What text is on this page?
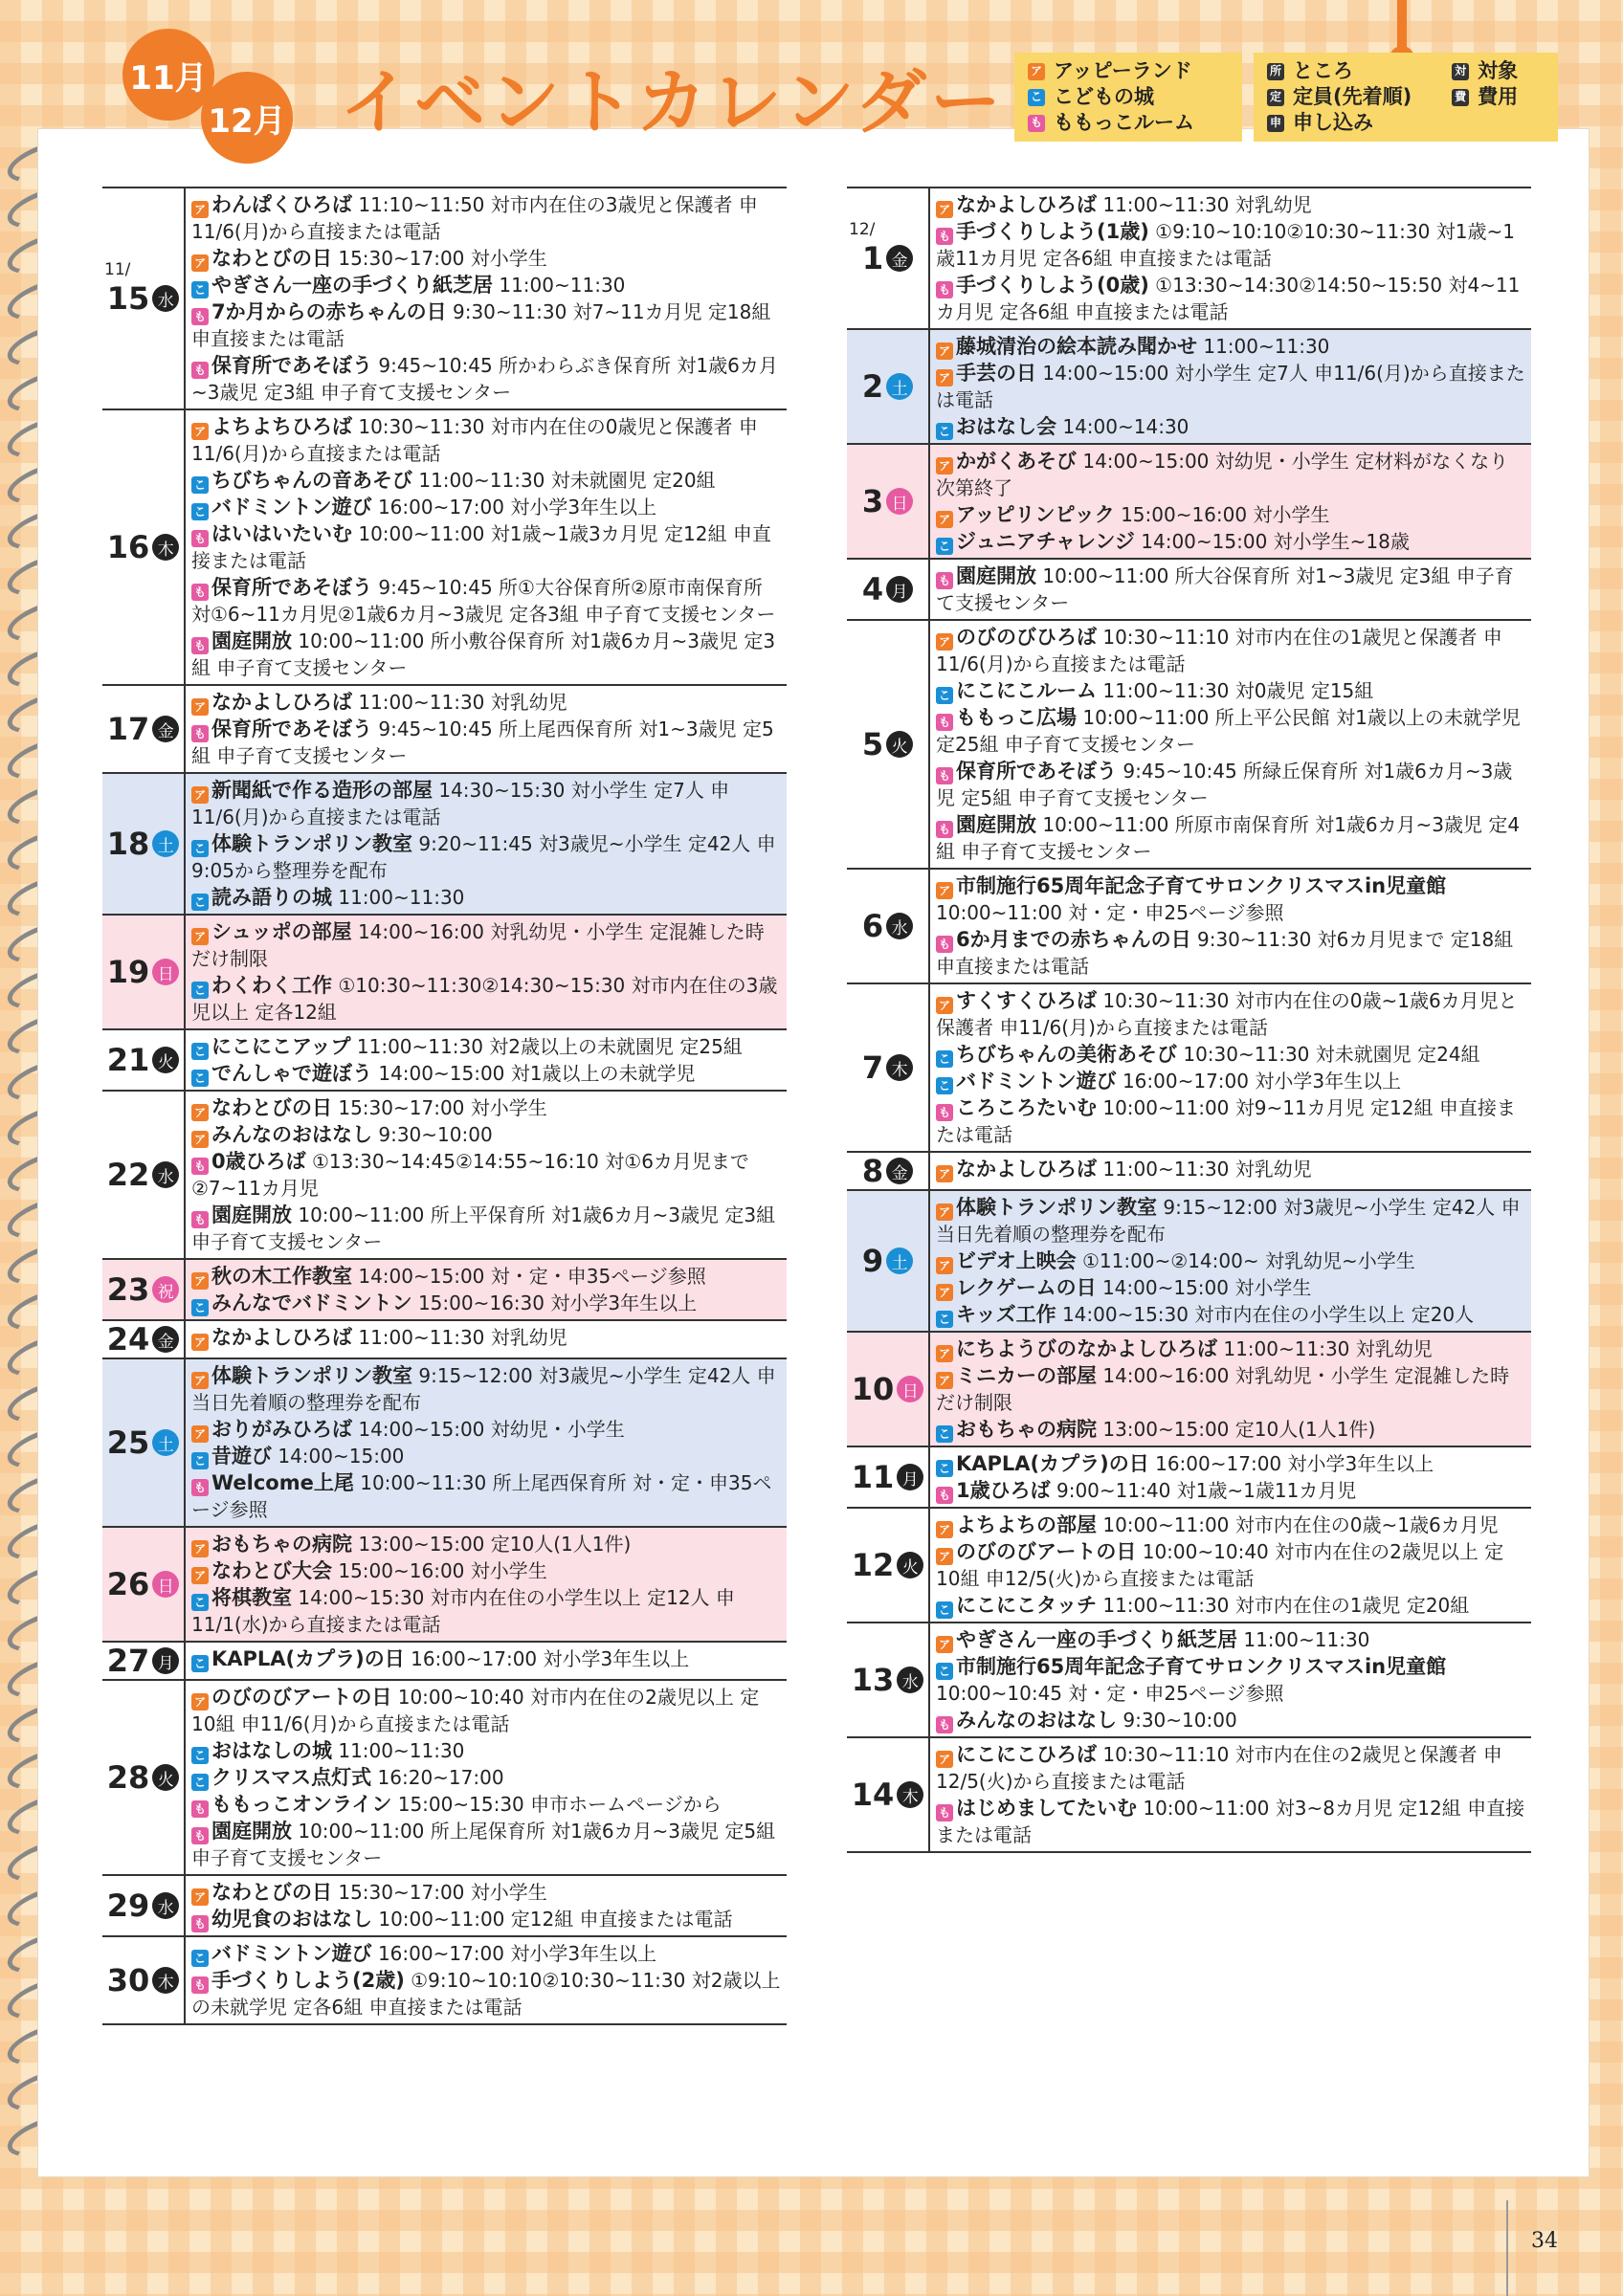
11月
12月 イベントカレンダー ア アッピーランド
こ こどもの城
も ももっこルーム
所 ところ	対 対象
定 定員(先着順)	費 費用
申 申し込み
11/
15 水
ア わんぱくひろば 11:10~11:50 対市内在住の3歳児と保護者 申11/6(月)から直接または電話
ア なわとびの日 15:30~17:00 対小学生
こ やぎさん一座の手づくり紙芝居 11:00~11:30
も 7か月からの赤ちゃんの日 9:30~11:30 対7~11カ月児 定18組 申直接または電話
も 保育所であそぼう 9:45~10:45 所かわらぶき保育所 対1歳6カ月~3歳児 定3組 申子育て支援センター
16 木
ア よちよちひろば 10:30~11:30 対市内在住の0歳児と保護者 申11/6(月)から直接または電話
こ ちびちゃんの音あそび 11:00~11:30 対未就園児 定20組
こ バドミントン遊び 16:00~17:00 対小学3年生以上
も はいはいたいむ 10:00~11:00 対1歳~1歳3カ月児 定12組 申直接または電話
も 保育所であそぼう 9:45~10:45 所①大谷保育所②原市南保育所 対①6~11カ月児②1歳6カ月~3歳児 定各3組 申子育て支援センター
も 園庭開放 10:00~11:00 所小敷谷保育所 対1歳6カ月~3歳児 定3組 申子育て支援センター
17 金
ア なかよしひろば 11:00~11:30 対乳幼児
も 保育所であそぼう 9:45~10:45 所上尾西保育所 対1~3歳児 定5組 申子育て支援センター
18 土
ア 新聞紙で作る造形の部屋 14:30~15:30 対小学生 定7人 申11/6(月)から直接または電話
こ 体験トランポリン教室 9:20~11:45 対3歳児~小学生 定42人 申9:05から整理券を配布
こ 読み語りの城 11:00~11:30
19 日
ア シュッポの部屋 14:00~16:00 対乳幼児・小学生 定混雑した時だけ制限
こ わくわく工作 ①10:30~11:30②14:30~15:30 対市内在住の3歳児以上 定各12組
21 火
こ にこにこアップ 11:00~11:30 対2歳以上の未就園児 定25組
こ でんしゃで遊ぼう 14:00~15:00 対1歳以上の未就学児
22 水
ア なわとびの日 15:30~17:00 対小学生
ア みんなのおはなし 9:30~10:00
も 0歳ひろば ①13:30~14:45②14:55~16:10 対①6カ月児まで②7~11カ月児
も 園庭開放 10:00~11:00 所上平保育所 対1歳6カ月~3歳児 定3組 申子育て支援センター
23 祝
ア 秋の木工作教室 14:00~15:00 対・定・申35ページ参照
こ みんなでバドミントン 15:00~16:30 対小学3年生以上
24 金	ア なかよしひろば 11:00~11:30 対乳幼児
25 土
ア 体験トランポリン教室 9:15~12:00 対3歳児~小学生 定42人 申当日先着順の整理券を配布
ア おりがみひろば 14:00~15:00 対幼児・小学生
こ 昔遊び 14:00~15:00
も Welcome上尾 10:00~11:30 所上尾西保育所 対・定・申35ページ参照
26 日
ア おもちゃの病院 13:00~15:00 定10人(1人1件)
ア なわとび大会 15:00~16:00 対小学生
こ 将棋教室 14:00~15:30 対市内在住の小学生以上 定12人 申11/1(水)から直接または電話
27 月	こ KAPLA(カプラ)の日 16:00~17:00 対小学3年生以上
28 火
ア のびのびアートの日 10:00~10:40 対市内在住の2歳児以上 定10組 申11/6(月)から直接または電話
こ おはなしの城 11:00~11:30
こ クリスマス点灯式 16:20~17:00
も ももっこオンライン 15:00~15:30 申市ホームページから
も 園庭開放 10:00~11:00 所上尾保育所 対1歳6カ月~3歳児 定5組 申子育て支援センター
29 水
ア なわとびの日 15:30~17:00 対小学生
も 幼児食のおはなし 10:00~11:00 定12組 申直接または電話
30 木
こ バドミントン遊び 16:00~17:00 対小学3年生以上
も 手づくりしよう(2歳) ①9:10~10:10②10:30~11:30 対2歳以上の未就学児 定各6組 申直接または電話
12/
1 金
ア なかよしひろば 11:00~11:30 対乳幼児
も 手づくりしよう(1歳) ①9:10~10:10②10:30~11:30 対1歳~1歳11カ月児 定各6組 申直接または電話
も 手づくりしよう(0歳) ①13:30~14:30②14:50~15:50 対4~11カ月児 定各6組 申直接または電話
2 土
ア 藤城清治の絵本読み聞かせ 11:00~11:30
ア 手芸の日 14:00~15:00 対小学生 定7人 申11/6(月)から直接または電話
こ おはなし会 14:00~14:30
3 日
ア かがくあそび 14:00~15:00 対幼児・小学生 定材料がなくなり次第終了
ア アッピリンピック 15:00~16:00 対小学生
こ ジュニアチャレンジ 14:00~15:00 対小学生~18歳
4 月
も 園庭開放 10:00~11:00 所大谷保育所 対1~3歳児 定3組 申子育て支援センター
5 火
ア のびのびひろば 10:30~11:10 対市内在住の1歳児と保護者 申11/6(月)から直接または電話
こ にこにこルーム 11:00~11:30 対0歳児 定15組
も ももっこ広場 10:00~11:00 所上平公民館 対1歳以上の未就学児 定25組 申子育て支援センター
も 保育所であそぼう 9:45~10:45 所緑丘保育所 対1歳6カ月~3歳児 定5組 申子育て支援センター
も 園庭開放 10:00~11:00 所原市南保育所 対1歳6カ月~3歳児 定4組 申子育て支援センター
6 水
ア 市制施行65周年記念子育てサロンクリスマスin児童館 10:00~11:00 対・定・申25ページ参照
も 6か月までの赤ちゃんの日 9:30~11:30 対6カ月児まで 定18組 申直接または電話
7 木
ア すくすくひろば 10:30~11:30 対市内在住の0歳~1歳6カ月児と保護者 申11/6(月)から直接または電話
こ ちびちゃんの美術あそび 10:30~11:30 対未就園児 定24組
こ バドミントン遊び 16:00~17:00 対小学3年生以上
も ころころたいむ 10:00~11:00 対9~11カ月児 定12組 申直接または電話
8 金	ア なかよしひろば 11:00~11:30 対乳幼児
9 土
ア 体験トランポリン教室 9:15~12:00 対3歳児~小学生 定42人 申当日先着順の整理券を配布
ア ビデオ上映会 ①11:00~②14:00~ 対乳幼児~小学生
ア レクゲームの日 14:00~15:00 対小学生
こ キッズ工作 14:00~15:30 対市内在住の小学生以上 定20人
10 日
ア にちようびのなかよしひろば 11:00~11:30 対乳幼児
ア ミニカーの部屋 14:00~16:00 対乳幼児・小学生 定混雑した時だけ制限
こ おもちゃの病院 13:00~15:00 定10人(1人1件)
11 月
こ KAPLA(カプラ)の日 16:00~17:00 対小学3年生以上
も 1歳ひろば 9:00~11:40 対1歳~1歳11カ月児
12 火
ア よちよちの部屋 10:00~11:00 対市内在住の0歳~1歳6カ月児
ア のびのびアートの日 10:00~10:40 対市内在住の2歳児以上 定10組 申12/5(火)から直接または電話
こ にこにこタッチ 11:00~11:30 対市内在住の1歳児 定20組
13 水
ア やぎさん一座の手づくり紙芝居 11:00~11:30
こ 市制施行65周年記念子育てサロンクリスマスin児童館 10:00~10:45 対・定・申25ページ参照
も みんなのおはなし 9:30~10:00
14 木
ア にこにこひろば 10:30~11:10 対市内在住の2歳児と保護者 申12/5(火)から直接または電話
も はじめましてたいむ 10:00~11:00 対3~8カ月児 定12組 申直接または電話
34
